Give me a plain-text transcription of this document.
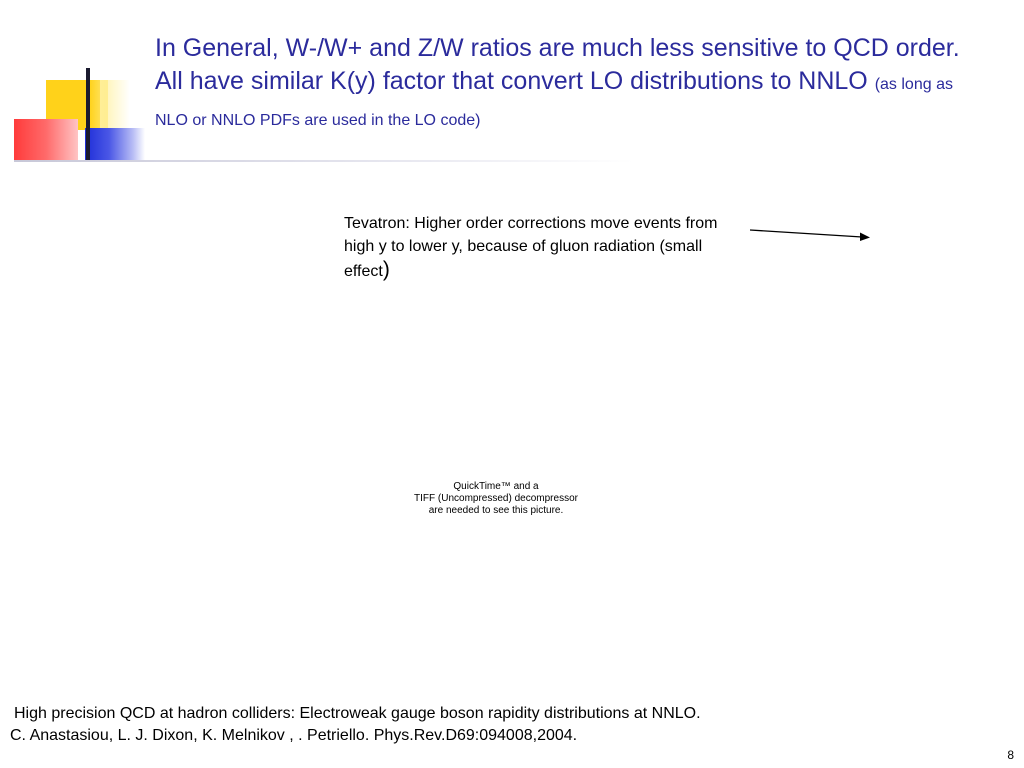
In General, W-/W+ and Z/W ratios are much less sensitive to QCD order. All have similar K(y) factor that convert LO distributions to NNLO (as long as NLO or NNLO PDFs are used in the LO code)
Tevatron: Higher order corrections move events from high y to lower y, because of gluon radiation (small effect)
QuickTime™ and a
TIFF (Uncompressed) decompressor
are needed to see this picture.
High precision QCD at hadron colliders: Electroweak gauge boson rapidity distributions at NNLO.
C. Anastasiou, L. J. Dixon, K. Melnikov , . Petriello. Phys.Rev.D69:094008,2004.
8
